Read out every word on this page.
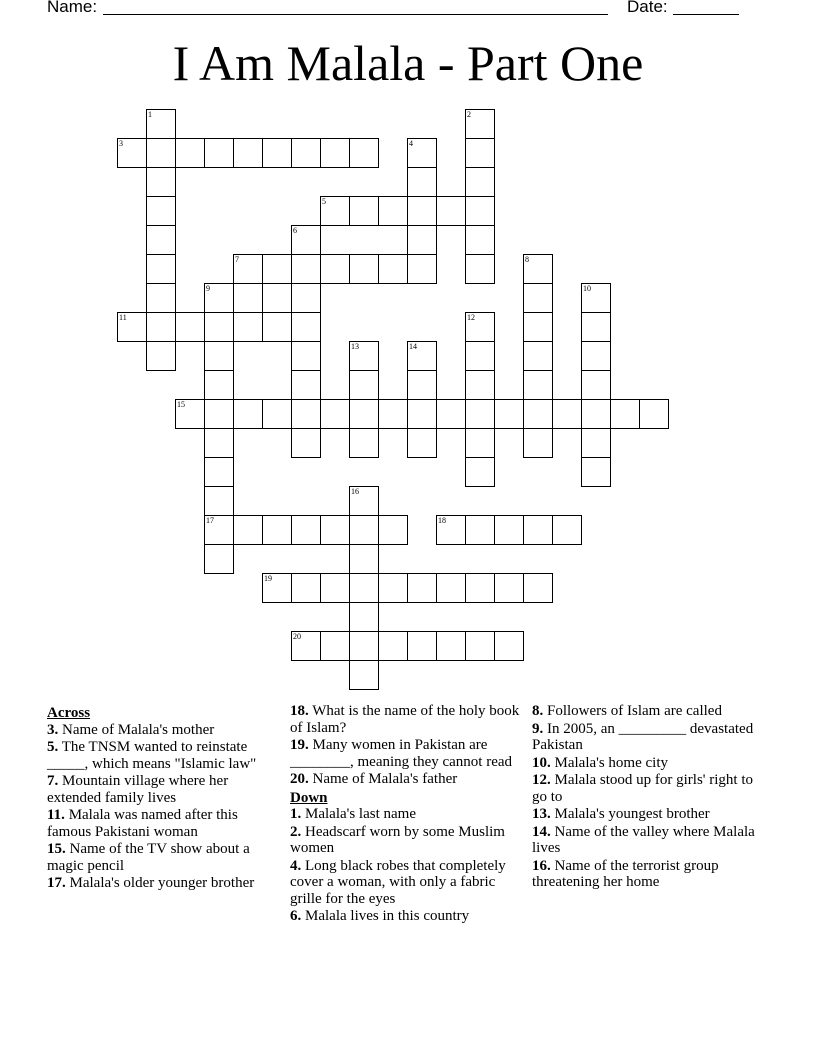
Name:	Date:
I Am Malala - Part One
3
5
7
9
11
15
17	18
19
20
1	2
4
6
8
10
12
13	14
16
Across
3. Name of Malala's mother
5. The TNSM wanted to reinstate _____, which means "Islamic law"
7. Mountain village where her extended family lives
11. Malala was named after this famous Pakistani woman
15. Name of the TV show about a magic pencil
17. Malala's older younger brother
18. What is the name of the holy book of Islam?
19. Many women in Pakistan are ________, meaning they cannot read
20. Name of Malala's father
Down
1. Malala's last name
2. Headscarf worn by some Muslim women
4. Long black robes that completely cover a woman, with only a fabric grille for the eyes
6. Malala lives in this country
8. Followers of Islam are called
9. In 2005, an _________ devastated Pakistan
10. Malala's home city
12. Malala stood up for girls' right to go to
13. Malala's youngest brother
14. Name of the valley where Malala lives
16. Name of the terrorist group threatening her home
